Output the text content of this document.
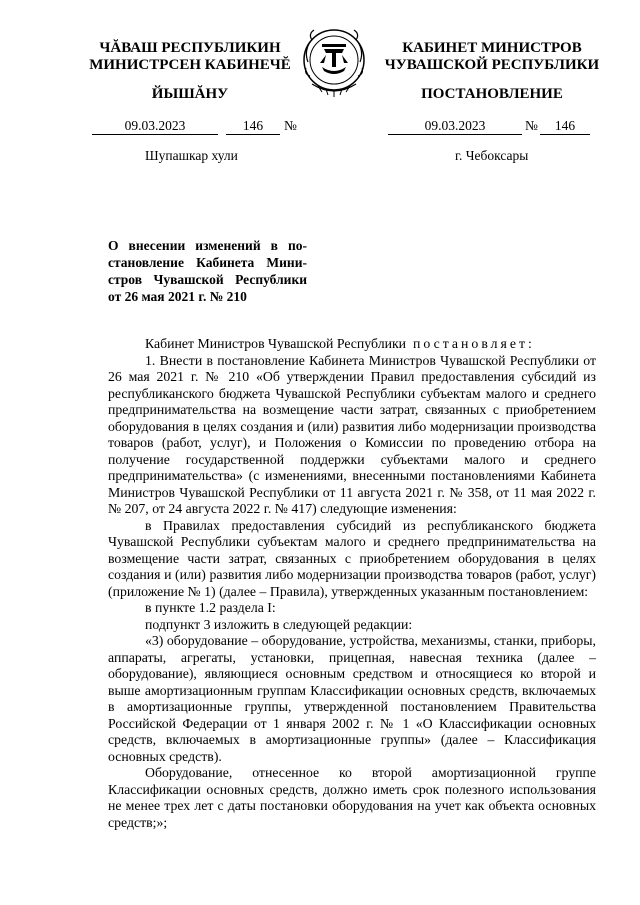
ЧĂВАШ РЕСПУБЛИКИН
МИНИСТРСЕН КАБИНЕЧĔ
ЙЫШĂНУ
КАБИНЕТ МИНИСТРОВ
ЧУВАШСКОЙ РЕСПУБЛИКИ
ПОСТАНОВЛЕНИЕ
09.03.2023	146	№	09.03.2023	№	146
Шупашкар хули	г. Чебоксары
О внесении изменений в по-
становление Кабинета Мини-
стров Чувашской Республики
от 26 мая 2021 г. № 210

Кабинет Министров Чувашской Республики постановляет:

1. Внести в постановление Кабинета Министров Чувашской Республики от 26 мая 2021 г. № 210 «Об утверждении Правил предоставления субсидий из республиканского бюджета Чувашской Республики субъектам малого и среднего предпринимательства на возмещение части затрат, связанных с приобретением оборудования в целях создания и (или) развития либо модернизации производства товаров (работ, услуг), и Положения о Комиссии по проведению отбора на получение государственной поддержки субъектами малого и среднего предпринимательства» (с изменениями, внесенными постановлениями Кабинета Министров Чувашской Республики от 11 августа 2021 г. № 358, от 11 мая 2022 г. № 207, от 24 августа 2022 г. № 417) следующие изменения:

в Правилах предоставления субсидий из республиканского бюджета Чувашской Республики субъектам малого и среднего предпринимательства на возмещение части затрат, связанных с приобретением оборудования в целях создания и (или) развития либо модернизации производства товаров (работ, услуг) (приложение № 1) (далее – Правила), утвержденных указанным постановлением:

в пункте 1.2 раздела I:

подпункт 3 изложить в следующей редакции:

«3) оборудование – оборудование, устройства, механизмы, станки, приборы, аппараты, агрегаты, установки, прицепная, навесная техника (далее – оборудование), являющиеся основным средством и относящиеся ко второй и выше амортизационным группам Классификации основных средств, включаемых в амортизационные группы, утвержденной постановлением Правительства Российской Федерации от 1 января 2002 г. № 1 «О Классификации основных средств, включаемых в амортизационные группы» (далее – Классификация основных средств).

Оборудование, отнесенное ко второй амортизационной группе Классификации основных средств, должно иметь срок полезного использования не менее трех лет с даты постановки оборудования на учет как объекта основных средств;»;
